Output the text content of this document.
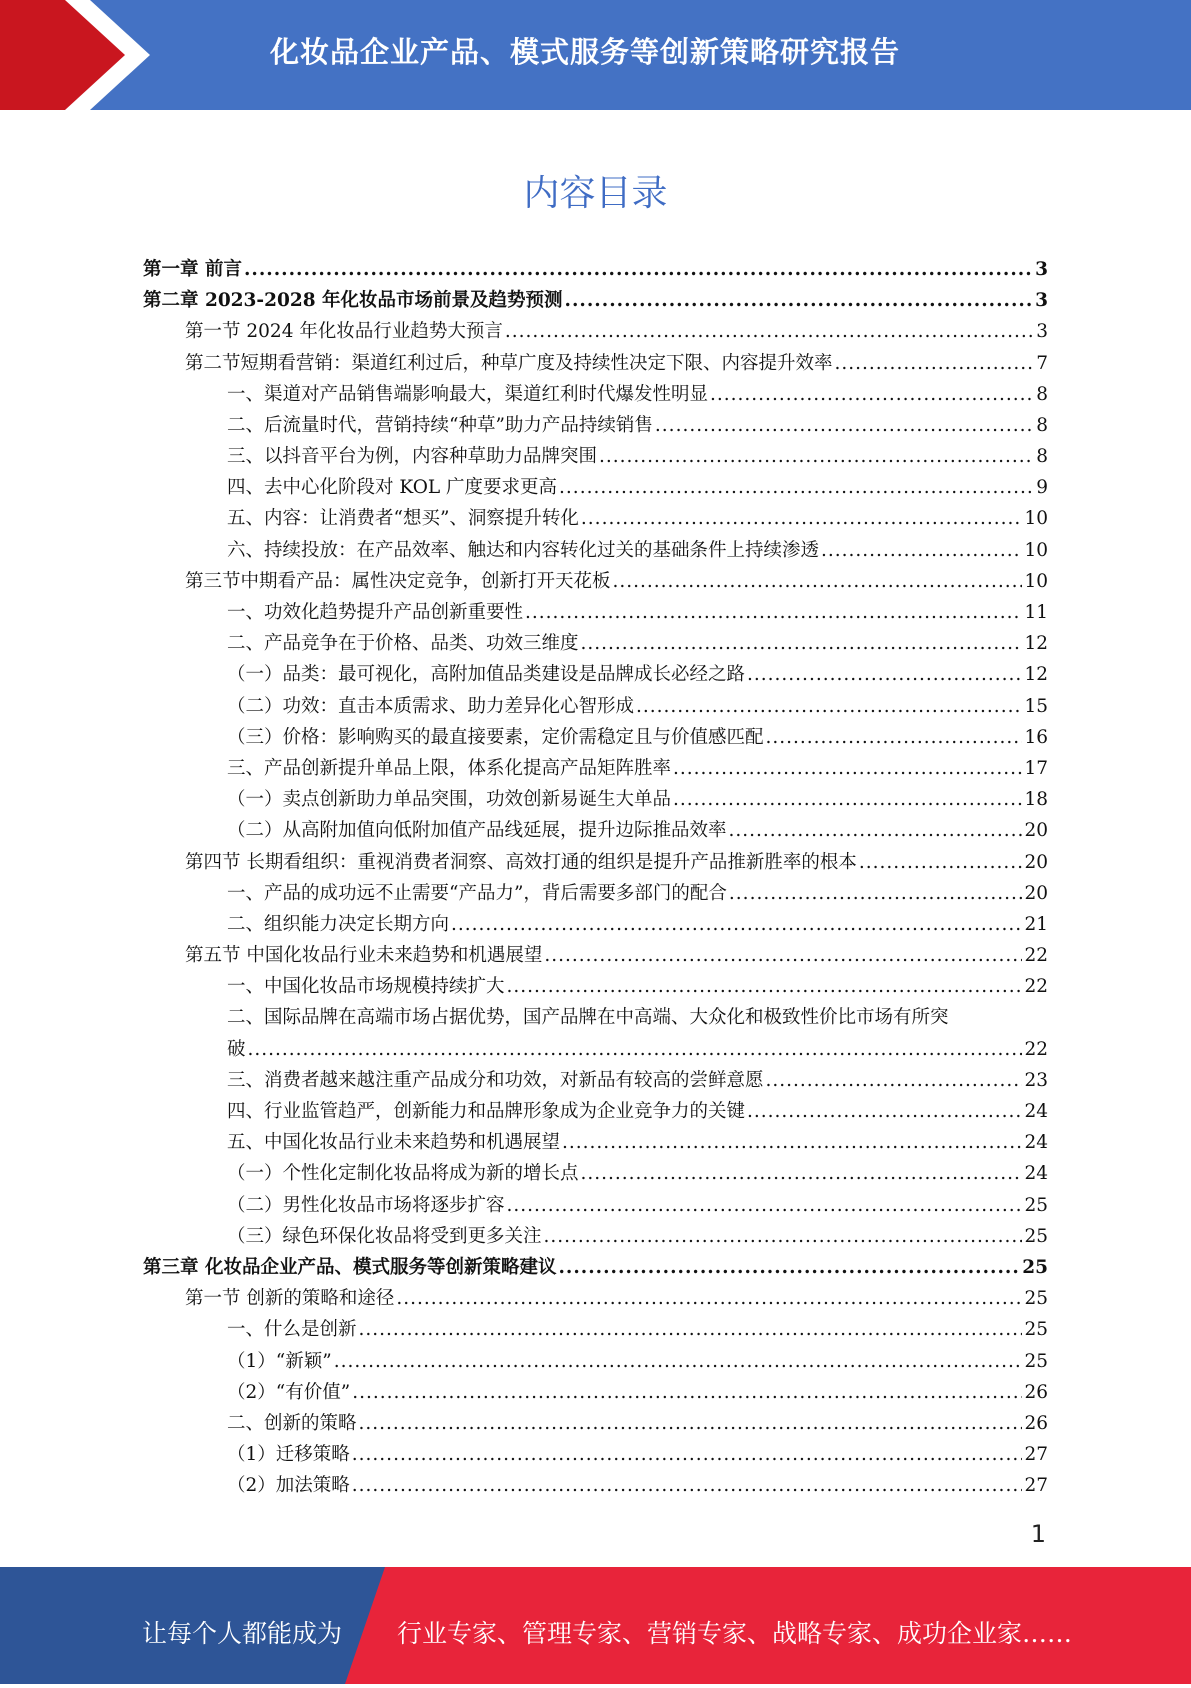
化妆品企业产品、模式服务等创新策略研究报告
内容目录
第一章 前言 .....	3
第二章 2023-2028 年化妆品市场前景及趋势预测 .....	3
第一节 2024 年化妆品行业趋势大预言 .....	3
第二节短期看营销：渠道红利过后，种草广度及持续性决定下限、内容提升效率 .....	7
一、渠道对产品销售端影响最大，渠道红利时代爆发性明显 .....	8
二、后流量时代，营销持续“种草”助力产品持续销售 .....	8
三、以抖音平台为例，内容种草助力品牌突围 .....	8
四、去中心化阶段对 KOL 广度要求更高 .....	9
五、内容：让消费者“想买”、洞察提升转化 .....	10
六、持续投放：在产品效率、触达和内容转化过关的基础条件上持续渗透 .....	10
第三节中期看产品：属性决定竞争，创新打开天花板 .....	10
一、功效化趋势提升产品创新重要性 .....	11
二、产品竞争在于价格、品类、功效三维度 .....	12
（一）品类：最可视化，高附加值品类建设是品牌成长必经之路 .....	12
（二）功效：直击本质需求、助力差异化心智形成 .....	15
（三）价格：影响购买的最直接要素，定价需稳定且与价值感匹配 .....	16
三、产品创新提升单品上限，体系化提高产品矩阵胜率 .....	17
（一）卖点创新助力单品突围，功效创新易诞生大单品 .....	18
（二）从高附加值向低附加值产品线延展，提升边际推品效率 .....	20
第四节 长期看组织：重视消费者洞察、高效打通的组织是提升产品推新胜率的根本 .....	20
一、产品的成功远不止需要“产品力”，背后需要多部门的配合 .....	20
二、组织能力决定长期方向 .....	21
第五节 中国化妆品行业未来趋势和机遇展望 .....	22
一、中国化妆品市场规模持续扩大 .....	22
二、国际品牌在高端市场占据优势，国产品牌在中高端、大众化和极致性价比市场有所突
破 .....	22
三、消费者越来越注重产品成分和功效，对新品有较高的尝鲜意愿 .....	23
四、行业监管趋严，创新能力和品牌形象成为企业竞争力的关键 .....	24
五、中国化妆品行业未来趋势和机遇展望 .....	24
（一）个性化定制化妆品将成为新的增长点 .....	24
（二）男性化妆品市场将逐步扩容 .....	25
（三）绿色环保化妆品将受到更多关注 .....	25
第三章 化妆品企业产品、模式服务等创新策略建议 .....	25
第一节 创新的策略和途径 .....	25
一、什么是创新 .....	25
（1）“新颖” .....	25
（2）“有价值” .....	26
二、创新的策略 .....	26
（1）迁移策略 .....	27
（2）加法策略 .....	27
1
让每个人都能成为 行业专家、管理专家、营销专家、战略专家、成功企业家……
